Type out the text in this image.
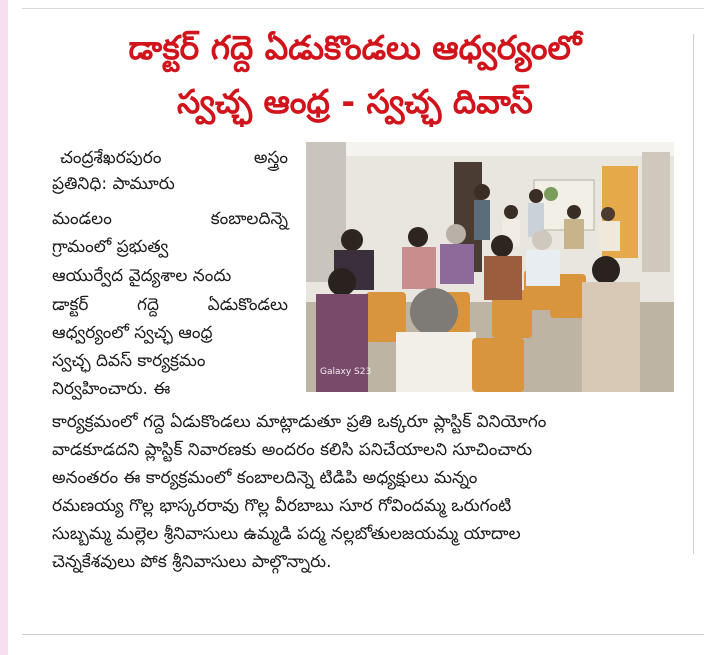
డాక్టర్ గద్దె ఏడుకొండలు ఆధ్వర్యంలో
స్వచ్ఛ ఆంధ్ర - స్వచ్ఛ దివాస్
చంద్రశేఖరపురం అస్త్రం
ప్రతినిధి: పామూరు
మండలం కంబాలదిన్నె
గ్రామంలో ప్రభుత్వ
ఆయుర్వేద వైద్యశాల నందు
డాక్టర్ గద్దె ఏడుకొండలు
ఆధ్వర్యంలో స్వచ్ఛ ఆంధ్ర
స్వచ్ఛ దివస్ కార్యక్రమం
నిర్వహించారు. ఈ
కార్యక్రమంలో గద్దె ఏడుకొండలు మాట్లాడుతూ ప్రతి ఒక్కరూ ప్లాస్టిక్ వినియోగం
వాడకూడదని ప్లాస్టిక్ నివారణకు అందరం కలిసి పనిచేయాలని సూచించారు
అనంతరం ఈ కార్యక్రమంలో కంబాలదిన్నె టిడిపి అధ్యక్షులు మన్నం
రమణయ్య గొల్ల భాస్కరరావు గొల్ల వీరబాబు సూర గోవిందమ్మ ఒరుగంటి
సుబ్బమ్మ మల్లెల శ్రీనివాసులు ఉమ్మడి పద్మ నల్లబోతులజయమ్మ యాదాల
చెన్నకేశవులు పోక శ్రీనివాసులు పాల్గొన్నారు.
Galaxy S23
